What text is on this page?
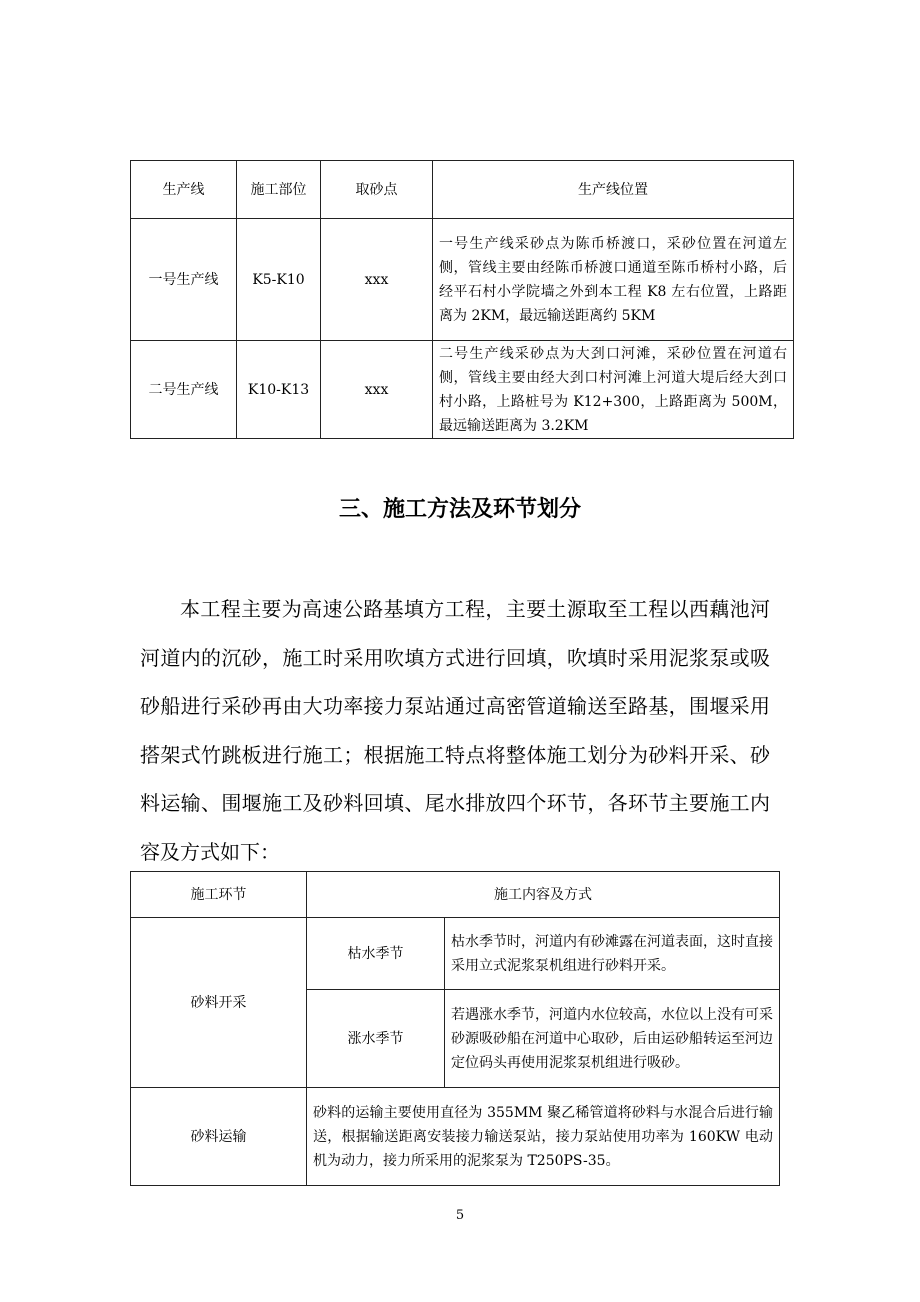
生产线	施工部位	取砂点	生产线位置
一号生产线	K5-K10	xxx	一号生产线采砂点为陈币桥渡口，采砂位置在河道左侧，管线主要由经陈币桥渡口通道至陈币桥村小路，后经平石村小学院墙之外到本工程 K8 左右位置，上路距离为 2KM，最远输送距离约 5KM
二号生产线	K10-K13	xxx	二号生产线采砂点为大刭口河滩，采砂位置在河道右侧，管线主要由经大刭口村河滩上河道大堤后经大刭口村小路，上路桩号为 K12+300，上路距离为 500M，最远输送距离为 3.2KM
三、施工方法及环节划分

本工程主要为高速公路基填方工程，主要土源取至工程以西藕池河河道内的沉砂，施工时采用吹填方式进行回填，吹填时采用泥浆泵或吸砂船进行采砂再由大功率接力泵站通过高密管道输送至路基，围堰采用搭架式竹跳板进行施工；根据施工特点将整体施工划分为砂料开采、砂料运输、围堰施工及砂料回填、尾水排放四个环节，各环节主要施工内容及方式如下：

施工环节	施工内容及方式	
砂料开采	枯水季节	枯水季节时，河道内有砂滩露在河道表面，这时直接采用立式泥浆泵机组进行砂料开采。
	涨水季节	若遇涨水季节，河道内水位较高，水位以上没有可采砂源吸砂船在河道中心取砂，后由运砂船转运至河边定位码头再使用泥浆泵机组进行吸砂。
砂料运输	砂料的运输主要使用直径为 355MM 聚乙稀管道将砂料与水混合后进行输送，根据输送距离安装接力输送泵站，接力泵站使用功率为 160KW 电动机为动力，接力所采用的泥浆泵为 T250PS-35。	
5
